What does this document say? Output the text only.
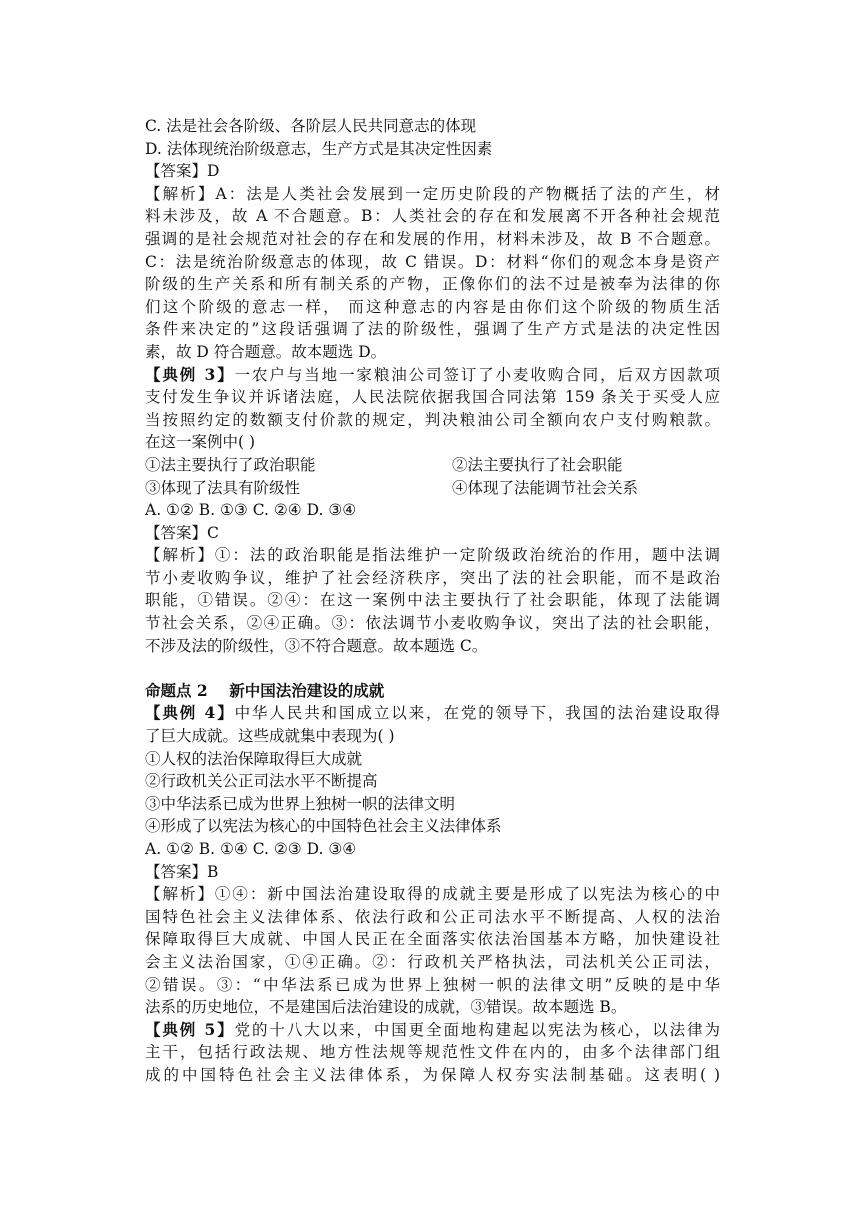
C. 法是社会各阶级、各阶层人民共同意志的体现
D. 法体现统治阶级意志，生产方式是其决定性因素
【答案】D
【解析】A：法是人类社会发展到一定历史阶段的产物概括了法的产生，材
料未涉及，故 A 不合题意。B：人类社会的存在和发展离不开各种社会规范
强调的是社会规范对社会的存在和发展的作用，材料未涉及，故 B 不合题意。
C：法是统治阶级意志的体现，故 C 错误。D：材料“你们的观念本身是资产
阶级的生产关系和所有制关系的产物，正像你们的法不过是被奉为法律的你
们这个阶级的意志一样， 而这种意志的内容是由你们这个阶级的物质生活
条件来决定的”这段话强调了法的阶级性，强调了生产方式是法的决定性因
素，故 D 符合题意。故本题选 D。
【典例 3】一农户与当地一家粮油公司签订了小麦收购合同，后双方因款项
支付发生争议并诉诸法庭，人民法院依据我国合同法第 159 条关于买受人应
当按照约定的数额支付价款的规定，判决粮油公司全额向农户支付购粮款。
在这一案例中( )
①法主要执行了政治职能	②法主要执行了社会职能
③体现了法具有阶级性	④体现了法能调节社会关系
A. ①② B. ①③ C. ②④ D. ③④
【答案】C
【解析】①：法的政治职能是指法维护一定阶级政治统治的作用，题中法调
节小麦收购争议，维护了社会经济秩序，突出了法的社会职能，而不是政治
职能，①错误。②④：在这一案例中法主要执行了社会职能，体现了法能调
节社会关系，②④正确。③：依法调节小麦收购争议，突出了法的社会职能，
不涉及法的阶级性，③不符合题意。故本题选 C。
命题点 2    新中国法治建设的成就
【典例 4】中华人民共和国成立以来，在党的领导下，我国的法治建设取得
了巨大成就。这些成就集中表现为( )
①人权的法治保障取得巨大成就
②行政机关公正司法水平不断提高
③中华法系已成为世界上独树一帜的法律文明
④形成了以宪法为核心的中国特色社会主义法律体系
A. ①② B. ①④ C. ②③ D. ③④
【答案】B
【解析】①④：新中国法治建设取得的成就主要是形成了以宪法为核心的中
国特色社会主义法律体系、依法行政和公正司法水平不断提高、人权的法治
保障取得巨大成就、中国人民正在全面落实依法治国基本方略，加快建设社
会主义法治国家，①④正确。②：行政机关严格执法，司法机关公正司法，
②错误。③：“中华法系已成为世界上独树一帜的法律文明”反映的是中华
法系的历史地位，不是建国后法治建设的成就，③错误。故本题选 B。
【典例 5】党的十八大以来，中国更全面地构建起以宪法为核心，以法律为
主干，包括行政法规、地方性法规等规范性文件在内的，由多个法律部门组
成的中国特色社会主义法律体系，为保障人权夯实法制基础。这表明( )
